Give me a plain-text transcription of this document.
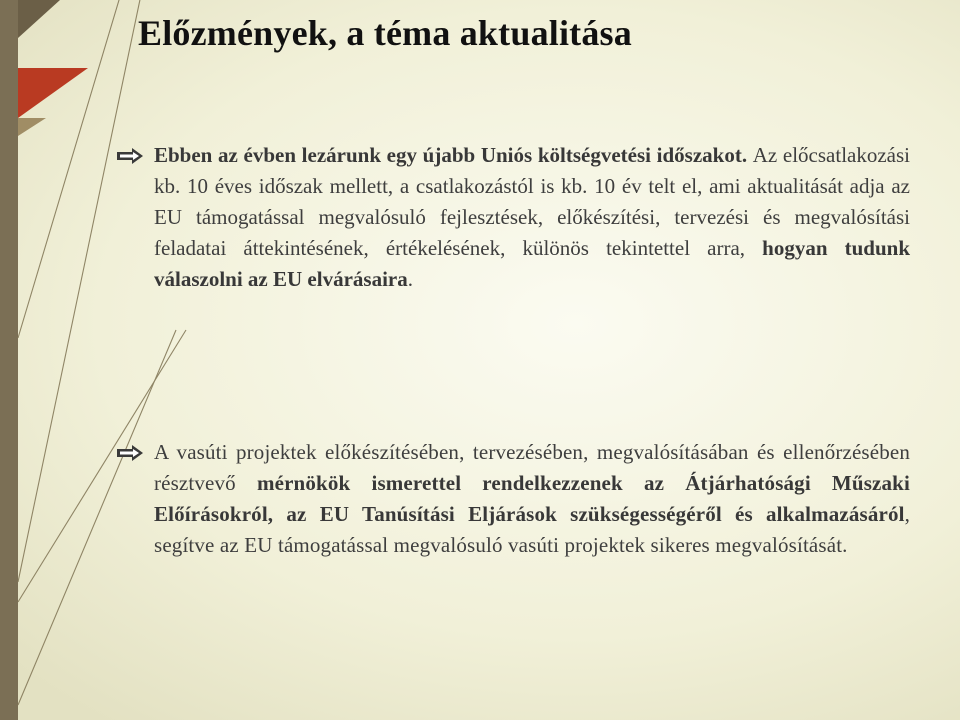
Előzmények, a téma aktualitása
Ebben az évben lezárunk egy újabb Uniós költségvetési időszakot. Az előcsatlakozási kb. 10 éves időszak mellett, a csatlakozástól is kb. 10 év telt el, ami aktualitását adja az EU támogatással megvalósuló fejlesztések, előkészítési, tervezési és megvalósítási feladatai áttekintésének, értékelésének, különös tekintettel arra, hogyan tudunk válaszolni az EU elvárásaira.
A vasúti projektek előkészítésében, tervezésében, megvalósításában és ellenőrzésében résztvevő mérnökök ismerettel rendelkezzenek az Átjárhatósági Műszaki Előírásokról, az EU Tanúsítási Eljárások szükségességéről és alkalmazásáról, segítve az EU támogatással megvalósuló vasúti projektek sikeres megvalósítását.
